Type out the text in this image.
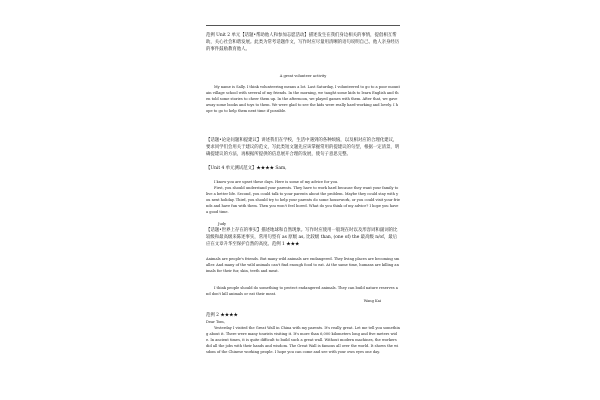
范例 Unit 2 单元【话题•帮助他人和参加志愿活动】描述发生在我们身边相关的事情，提倡相互帮助，关心社会和谐发展。此类为常考话题作文，写作时应尽量用清晰的语句说明自己、他人亲身经历的事件鼓励教育他人。
A great volunteer activity
My name is Sally. I think volunteering means a lot. Last Saturday, I volunteered to go to a poor mountain village school with several of my friends. In the morning, we taught some kids to learn English and then told some stories to cheer them up. In the afternoon, we played games with them. After that, we gave away some books and toys to them. We were glad to see the kids were really hard-working and lovely. I hope to go to help them next time if possible.
【话题•论论问题和提建议】讲述我们在学校，生活中遇到的各种烦恼，以及相对应的合理化建议，要求同学们会用关于建议的范文，写此类短文题先应该掌握常用的提建议的句型，根据一定清景，明确提建议的方法，再根据所提供的信息展开合理的发展，使句子意思完整。
【Unit 4 单元测试范文】★★★★ Sam,
I know you are upset these days. Here is some of my advice for you.
First, you should understand your parents. They have to work hard because they want your family to live a better life. Second, you could talk to your parents about the problem. Maybe they could stay with you next holiday. Third, you should try to help your parents do some housework, or you could visit your friends and have fun with them. Then you won't feel bored. What do you think of my advice? I hope you have a good time.
Judy
【话题•世界上存在的事实】描述地球和自然现象。写作时应使用一般现在时以及形容词和副词的比较级和最高级来陈述事实，常用句型有 as 原级 as, 比较级 than, (one of) the 最高级 n/of，最后应在文章升华至保护自然的高度。范例 1 ★★★
Animals are people's friends. But many wild animals are endangered. They living places are becoming smaller. And many of the wild animals can't find enough food to eat. At the same time, humans are killing animals for their fur, skin, teeth and meat.
I think people should do something to protect endangered animals. They can build nature reserves and don't kill animals or eat their meat.
Wang Kai
范例 2 ★★★★
Dear Tom,
Yesterday I visited the Great Wall in China with my parents. It's really great. Let me tell you something about it. There were many tourists visiting it. It's more than 6,000 kilometers long and five meters wide. In ancient times, it is quite difficult to build such a great wall. Without modern machines, the workers did all the jobs with their hands and wisdom. The Great Wall is famous all over the world. It shows the wisdom of the Chinese working people. I hope you can come and see with your own eyes one day.
